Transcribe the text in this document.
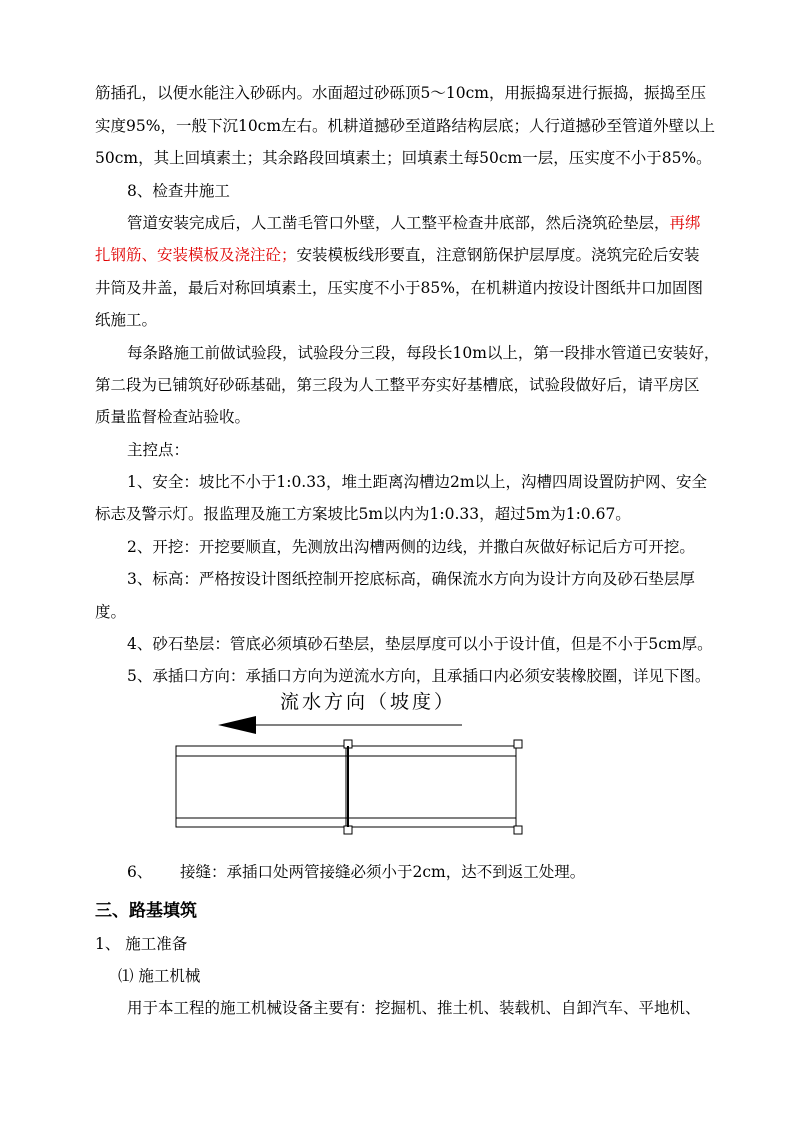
筋插孔，以便水能注入砂砾内。水面超过砂砾顶5～10cm，用振捣泵进行振捣，振捣至压
实度95%，一般下沉10cm左右。机耕道撼砂至道路结构层底；人行道撼砂至管道外壁以上
50cm，其上回填素土；其余路段回填素土；回填素土每50cm一层，压实度不小于85%。
8、检查井施工
管道安装完成后，人工凿毛管口外壁，人工整平检查井底部，然后浇筑砼垫层，再绑
扎钢筋、安装模板及浇注砼；安装模板线形要直，注意钢筋保护层厚度。浇筑完砼后安装
井筒及井盖，最后对称回填素土，压实度不小于85%，在机耕道内按设计图纸井口加固图
纸施工。
每条路施工前做试验段，试验段分三段，每段长10m以上，第一段排水管道已安装好，
第二段为已铺筑好砂砾基础，第三段为人工整平夯实好基槽底，试验段做好后，请平房区
质量监督检查站验收。
主控点：
1、安全：坡比不小于1:0.33，堆土距离沟槽边2m以上，沟槽四周设置防护网、安全
标志及警示灯。报监理及施工方案坡比5m以内为1:0.33，超过5m为1:0.67。
2、开挖：开挖要顺直，先测放出沟槽两侧的边线，并撒白灰做好标记后方可开挖。
3、标高：严格按设计图纸控制开挖底标高，确保流水方向为设计方向及砂石垫层厚
度。
4、砂石垫层：管底必须填砂石垫层，垫层厚度可以小于设计值，但是不小于5cm厚。
5、承插口方向：承插口方向为逆流水方向，且承插口内必须安装橡胶圈，详见下图。
流水方向（坡度）
6、 接缝：承插口处两管接缝必须小于2cm，达不到返工处理。
三、路基填筑
1、 施工准备
⑴ 施工机械
用于本工程的施工机械设备主要有：挖掘机、推土机、装载机、自卸汽车、平地机、
